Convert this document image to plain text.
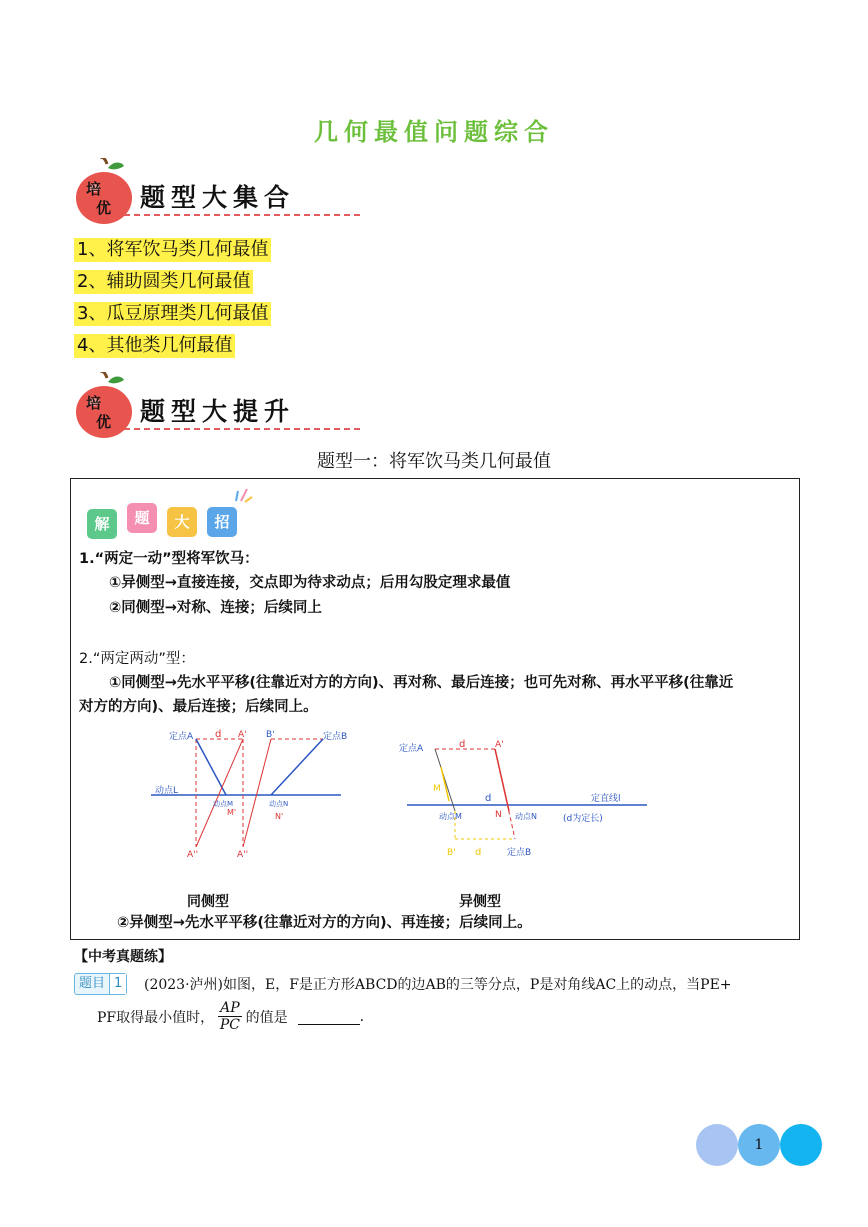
几何最值问题综合
培
优 题型大集合
1、将军饮马类几何最值
2、辅助圆类几何最值
3、瓜豆原理类几何最值
4、其他类几何最值
培
优 题型大提升
题型一：将军饮马类几何最值
解	题	大	招
1.“两定一动”型将军饮马：
①异侧型→直接连接，交点即为待求动点；后用勾股定理求最值
②同侧型→对称、连接；后续同上
2.“两定两动”型：
①同侧型→先水平平移(往靠近对方的方向)、再对称、最后连接；也可先对称、再水平平移(往靠近
对方的方向)、最后连接；后续同上。
定点A	A' B'	定点B
d
动点L
动点M	动点N
M'	N'
A''	A''
定点A	A'
d
d	定直线l
动点M	动点N	(d为定长)
M
N
B' d	定点B
同侧型	异侧型
②异侧型→先水平平移(往靠近对方的方向)、再连接；后续同上。
【中考真题练】
题目 1 (2023·泸州)如图，E，F是正方形ABCD的边AB的三等分点，P是对角线AC上的动点，当PE+
PF取得最小值时， $\frac{AP}{PC}$ 的值是	.
1
